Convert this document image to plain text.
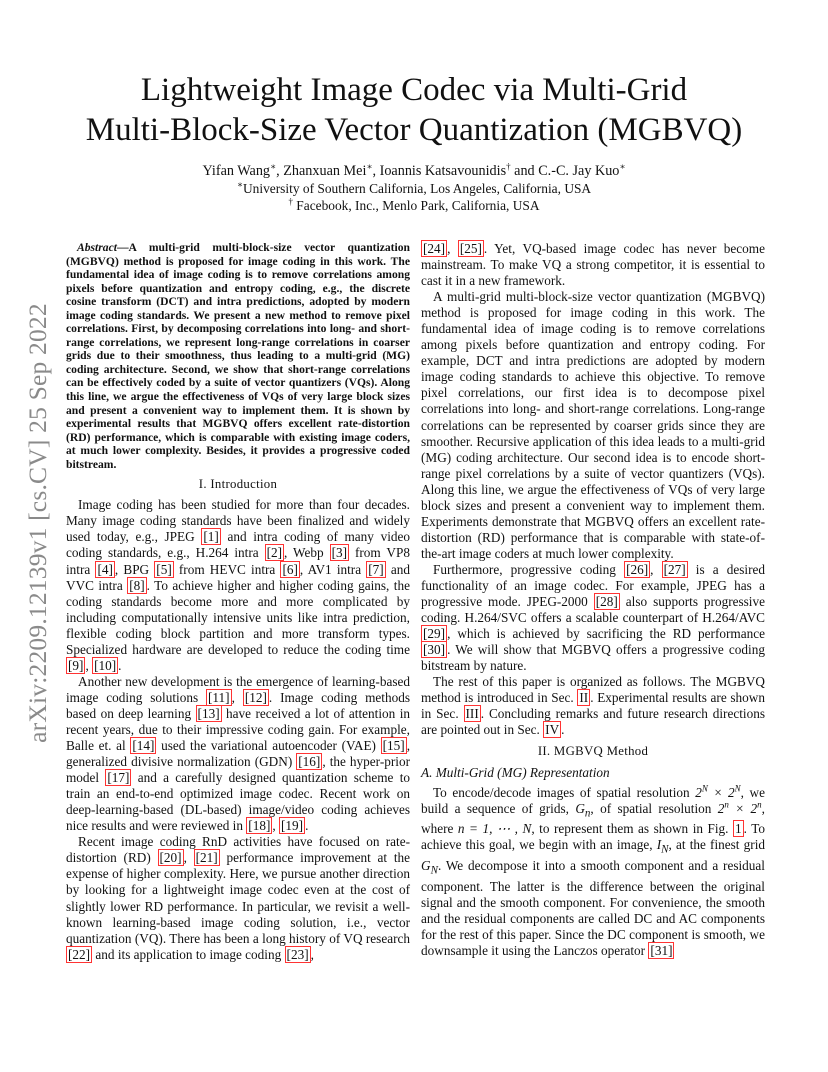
arXiv:2209.12139v1 [cs.CV] 25 Sep 2022
Lightweight Image Codec via Multi-Grid
Multi-Block-Size Vector Quantization (MGBVQ)
Yifan Wang∗, Zhanxuan Mei∗, Ioannis Katsavounidis† and C.-C. Jay Kuo∗
∗University of Southern California, Los Angeles, California, USA
† Facebook, Inc., Menlo Park, California, USA

Abstract—A multi-grid multi-block-size vector quantization (MGBVQ) method is proposed for image coding in this work. The fundamental idea of image coding is to remove correlations among pixels before quantization and entropy coding, e.g., the discrete cosine transform (DCT) and intra predictions, adopted by modern image coding standards. We present a new method to remove pixel correlations. First, by decomposing correlations into long- and short-range correlations, we represent long-range correlations in coarser grids due to their smoothness, thus leading to a multi-grid (MG) coding architecture. Second, we show that short-range correlations can be effectively coded by a suite of vector quantizers (VQs). Along this line, we argue the effectiveness of VQs of very large block sizes and present a convenient way to implement them. It is shown by experimental results that MGBVQ offers excellent rate-distortion (RD) performance, which is comparable with existing image coders, at much lower complexity. Besides, it provides a progressive coded bitstream.

I. Introduction

Image coding has been studied for more than four decades. Many image coding standards have been finalized and widely used today, e.g., JPEG [1] and intra coding of many video coding standards, e.g., H.264 intra [2] , Webp [3] from VP8 intra [4] , BPG [5] from HEVC intra [6] , AV1 intra [7] and VVC intra [8] . To achieve higher and higher coding gains, the coding standards become more and more complicated by including computationally intensive units like intra prediction, flexible coding block partition and more transform types. Specialized hardware are developed to reduce the coding time [9] , [10] .

Another new development is the emergence of learning-based image coding solutions [11] , [12] . Image coding methods based on deep learning [13] have received a lot of attention in recent years, due to their impressive coding gain. For example, Balle et. al [14] used the variational autoencoder (VAE) [15] , generalized divisive normalization (GDN) [16] , the hyper-prior model [17] and a carefully designed quantization scheme to train an end-to-end optimized image codec. Recent work on deep-learning-based (DL-based) image/video coding achieves nice results and were reviewed in [18] , [19] .

Recent image coding RnD activities have focused on rate-distortion (RD) [20] , [21] performance improvement at the expense of higher complexity. Here, we pursue another direction by looking for a lightweight image codec even at the cost of slightly lower RD performance. In particular, we revisit a well-known learning-based image coding solution, i.e., vector quantization (VQ). There has been a long history of VQ research [22] and its application to image coding [23] ,

[24] , [25] . Yet, VQ-based image codec has never become mainstream. To make VQ a strong competitor, it is essential to cast it in a new framework.

A multi-grid multi-block-size vector quantization (MGBVQ) method is proposed for image coding in this work. The fundamental idea of image coding is to remove correlations among pixels before quantization and entropy coding. For example, DCT and intra predictions are adopted by modern image coding standards to achieve this objective. To remove pixel correlations, our first idea is to decompose pixel correlations into long- and short-range correlations. Long-range correlations can be represented by coarser grids since they are smoother. Recursive application of this idea leads to a multi-grid (MG) coding architecture. Our second idea is to encode short-range pixel correlations by a suite of vector quantizers (VQs). Along this line, we argue the effectiveness of VQs of very large block sizes and present a convenient way to implement them. Experiments demonstrate that MGBVQ offers an excellent rate-distortion (RD) performance that is comparable with state-of-the-art image coders at much lower complexity.

Furthermore, progressive coding [26] , [27] is a desired functionality of an image codec. For example, JPEG has a progressive mode. JPEG-2000 [28] also supports progressive coding. H.264/SVC offers a scalable counterpart of H.264/AVC [29] , which is achieved by sacrificing the RD performance [30] . We will show that MGBVQ offers a progressive coding bitstream by nature.

The rest of this paper is organized as follows. The MGBVQ method is introduced in Sec. II . Experimental results are shown in Sec. III . Concluding remarks and future research directions are pointed out in Sec. IV .

II. MGBVQ Method
A. Multi-Grid (MG) Representation

To encode/decode images of spatial resolution $2^N \times 2^N$, we build a sequence of grids, $G_n$, of spatial resolution $2^n \times 2^n$, where n = 1, ⋯ , N, to represent them as shown in Fig. 1 . To achieve this goal, we begin with an image, $I_N$, at the finest grid $G_N$. We decompose it into a smooth component and a residual component. The latter is the difference between the original signal and the smooth component. For convenience, the smooth and the residual components are called DC and AC components for the rest of this paper. Since the DC component is smooth, we downsample it using the Lanczos operator [31]
